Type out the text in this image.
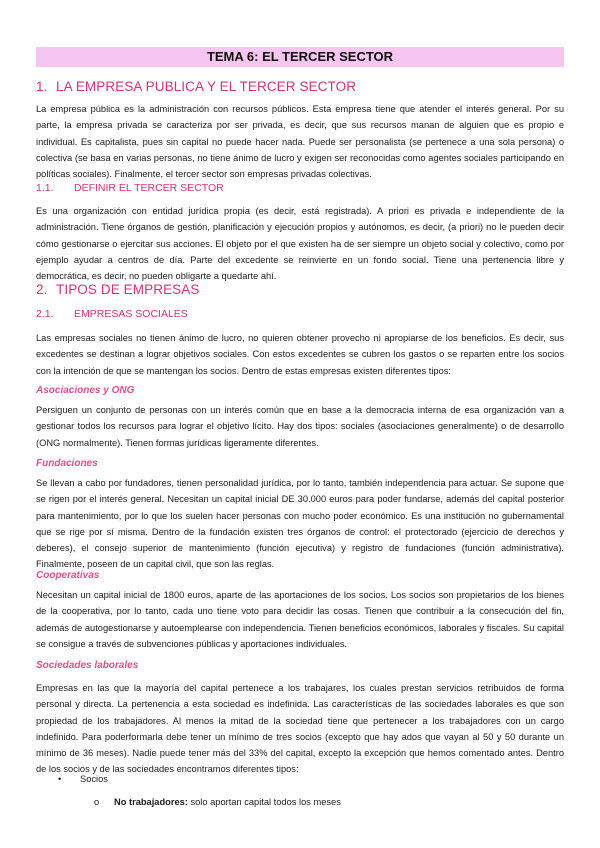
TEMA 6: EL TERCER SECTOR
1. LA EMPRESA PUBLICA Y EL TERCER SECTOR
La empresa pública es la administración con recursos públicos. Esta empresa tiene que atender el interés general. Por su parte, la empresa privada se caracteriza por ser privada, es decir, que sus recursos manan de alguien que es propio e individual. Es capitalista, pues sin capital no puede hacer nada. Puede ser personalista (se pertenece a una sola persona) o colectiva (se basa en varias personas, no tiene ánimo de lucro y exigen ser reconocidas como agentes sociales participando en políticas sociales). Finalmente, el tercer sector son empresas privadas colectivas.
1.1. DEFINIR EL TERCER SECTOR
Es una organización con entidad jurídica propia (es decir, está registrada). A priori es privada e independiente de la administración. Tiene órganos de gestión, planificación y ejecución propios y autónomos, es decir, (a priori) no le pueden decir cómo gestionarse o ejercitar sus acciones. El objeto por el que existen ha de ser siempre un objeto social y colectivo, como por ejemplo ayudar a centros de día. Parte del excedente se reinvierte en un fondo social. Tiene una pertenencia libre y democrática, es decir, no pueden obligarte a quedarte ahí.
2. TIPOS DE EMPRESAS
2.1. EMPRESAS SOCIALES
Las empresas sociales no tienen ánimo de lucro, no quieren obtener provecho ni apropiarse de los beneficios. Es decir, sus excedentes se destinan a lograr objetivos sociales. Con estos excedentes se cubren los gastos o se reparten entre los socios con la intención de que se mantengan los socios. Dentro de estas empresas existen diferentes tipos:
Asociaciones y ONG
Persiguen un conjunto de personas con un interés común que en base a la democracia interna de esa organización van a gestionar todos los recursos para lograr el objetivo lícito. Hay dos tipos: sociales (asociaciones generalmente) o de desarrollo (ONG normalmente). Tienen formas jurídicas ligeramente diferentes.
Fundaciones
Se llevan a cabo por fundadores, tienen personalidad jurídica, por lo tanto, también independencia para actuar. Se supone que se rigen por el interés general. Necesitan un capital inicial DE 30.000 euros para poder fundarse, además del capital posterior para mantenimiento, por lo que los suelen hacer personas con mucho poder económico. Es una institución no gubernamental que se rige por sí misma. Dentro de la fundación existen tres órganos de control: el protectorado (ejercicio de derechos y deberes), el consejo superior de mantenimiento (función ejecutiva) y registro de fundaciones (función administrativa). Finalmente, poseen de un capital civil, que son las reglas.
Cooperativas
Necesitan un capital inicial de 1800 euros, aparte de las aportaciones de los socios. Los socios son propietarios de los bienes de la cooperativa, por lo tanto, cada uno tiene voto para decidir las cosas. Tienen que contribuir a la consecución del fin, además de autogestionarse y autoemplearse con independencia. Tienen beneficios económicos, laborales y fiscales. Su capital se consigue a través de subvenciones públicas y aportaciones individuales.
Sociedades laborales
Empresas en las que la mayoría del capital pertenece a los trabajares, los cuales prestan servicios retribuidos de forma personal y directa. La pertenencia a esta sociedad es indefinida. Las características de las sociedades laborales es que son propiedad de los trabajadores. Al menos la mitad de la sociedad tiene que pertenecer a los trabajadores con un cargo indefinido. Para poderformarla debe tener un mínimo de tres socios (excepto que hay ados que vayan al 50 y 50 durante un mínimo de 36 meses). Nadie puede tener más del 33% del capital, excepto la excepción que hemos comentado antes. Dentro de los socios y de las sociedades encontramos diferentes tipos:
• Socios
o No trabajadores: solo aportan capital todos los meses
